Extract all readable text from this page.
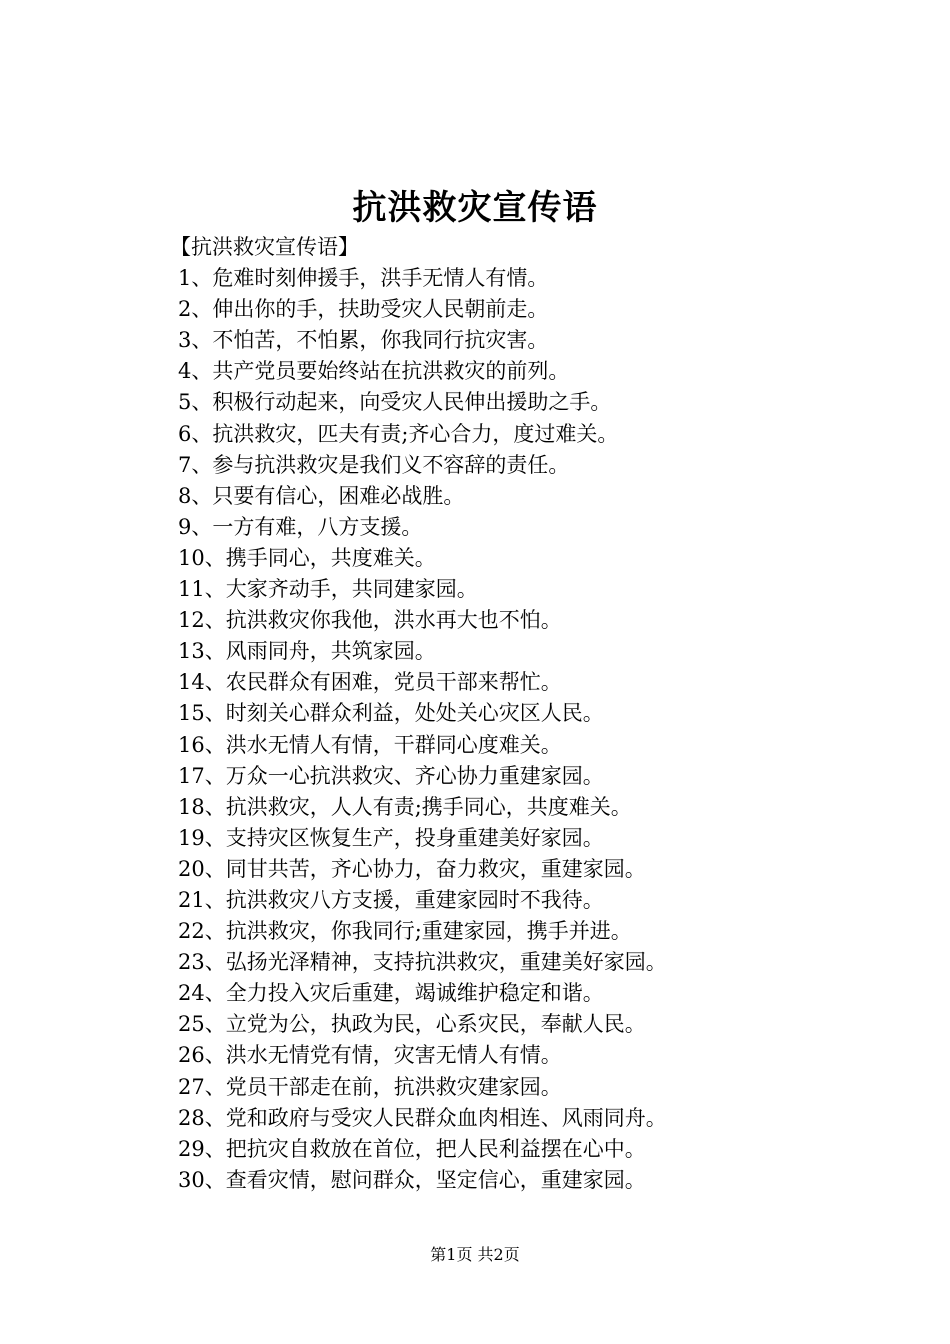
抗洪救灾宣传语

【抗洪救灾宣传语】

1、危难时刻伸援手，洪手无情人有情。
2、伸出你的手，扶助受灾人民朝前走。
3、不怕苦，不怕累，你我同行抗灾害。
4、共产党员要始终站在抗洪救灾的前列。
5、积极行动起来，向受灾人民伸出援助之手。
6、抗洪救灾，匹夫有责;齐心合力，度过难关。
7、参与抗洪救灾是我们义不容辞的责任。
8、只要有信心，困难必战胜。
9、一方有难，八方支援。
10、携手同心，共度难关。
11、大家齐动手，共同建家园。
12、抗洪救灾你我他，洪水再大也不怕。
13、风雨同舟，共筑家园。
14、农民群众有困难，党员干部来帮忙。
15、时刻关心群众利益，处处关心灾区人民。
16、洪水无情人有情，干群同心度难关。
17、万众一心抗洪救灾、齐心协力重建家园。
18、抗洪救灾，人人有责;携手同心，共度难关。
19、支持灾区恢复生产，投身重建美好家园。
20、同甘共苦，齐心协力，奋力救灾，重建家园。
21、抗洪救灾八方支援，重建家园时不我待。
22、抗洪救灾，你我同行;重建家园，携手并进。
23、弘扬光泽精神，支持抗洪救灾，重建美好家园。
24、全力投入灾后重建，竭诚维护稳定和谐。
25、立党为公，执政为民，心系灾民，奉献人民。
26、洪水无情党有情，灾害无情人有情。
27、党员干部走在前，抗洪救灾建家园。
28、党和政府与受灾人民群众血肉相连、风雨同舟。
29、把抗灾自救放在首位，把人民利益摆在心中。
30、查看灾情，慰问群众，坚定信心，重建家园。
第1页 共2页
